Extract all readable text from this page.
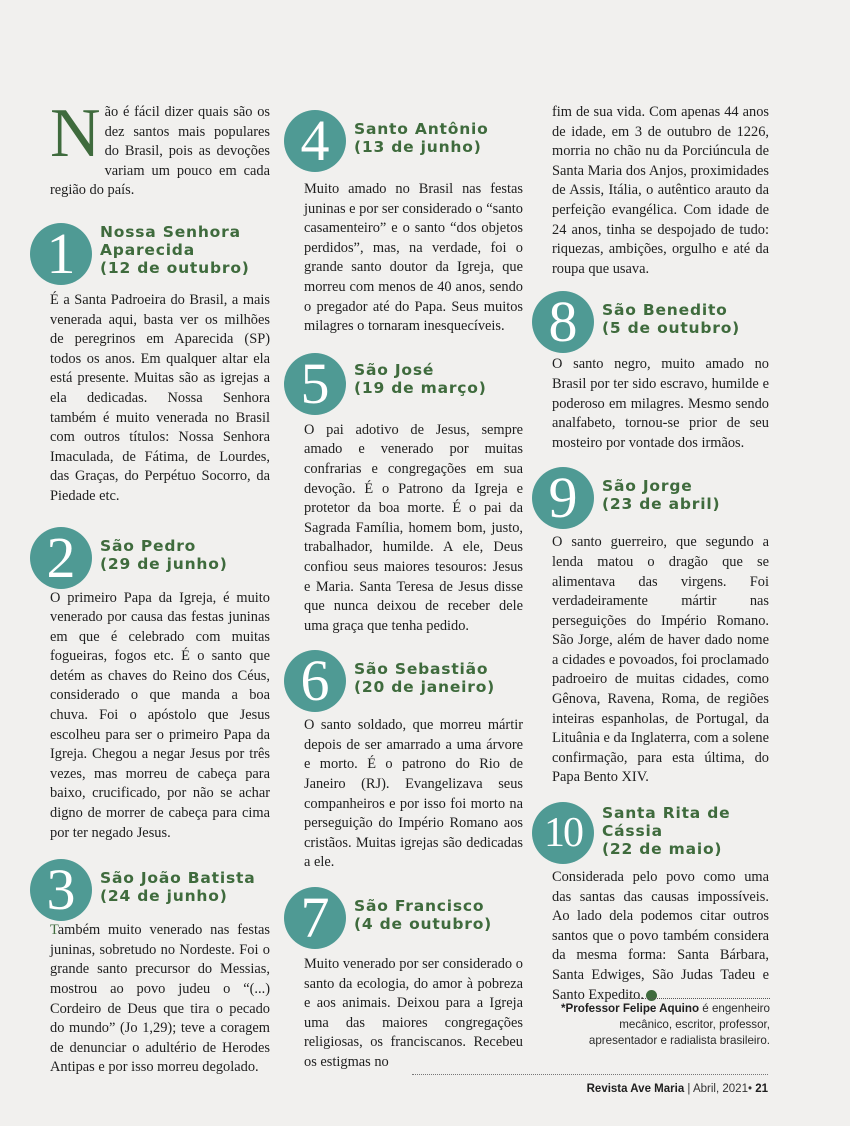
Não é fácil dizer quais são os dez santos mais populares do Brasil, pois as devoções variam um pouco em cada região do país.

1	Nossa Senhora Aparecida
(12 de outubro)

É a Santa Padroeira do Brasil, a mais venerada aqui, basta ver os milhões de peregrinos em Aparecida (SP) todos os anos. Em qualquer altar ela está presente. Muitas são as igrejas a ela dedicadas. Nossa Senhora também é muito venerada no Brasil com outros títulos: Nossa Senhora Imaculada, de Fátima, de Lourdes, das Graças, do Perpétuo Socorro, da Piedade etc.

2	São Pedro
(29 de junho)

O primeiro Papa da Igreja, é muito venerado por causa das festas juninas em que é celebrado com muitas fogueiras, fogos etc. É o santo que detém as chaves do Reino dos Céus, considerado o que manda a boa chuva. Foi o apóstolo que Jesus escolheu para ser o primeiro Papa da Igreja. Chegou a negar Jesus por três vezes, mas morreu de cabeça para baixo, crucificado, por não se achar digno de morrer de cabeça para cima por ter negado Jesus.

3	São João Batista
(24 de junho)

Também muito venerado nas festas juninas, sobretudo no Nordeste. Foi o grande santo precursor do Messias, mostrou ao povo judeu o “(...) Cordeiro de Deus que tira o pecado do mundo” (Jo 1,29); teve a coragem de denunciar o adultério de Herodes Antipas e por isso morreu degolado.

4	Santo Antônio
(13 de junho)

Muito amado no Brasil nas festas juninas e por ser considerado o “santo casamenteiro” e o santo “dos objetos perdidos”, mas, na verdade, foi o grande santo doutor da Igreja, que morreu com menos de 40 anos, sendo o pregador até do Papa. Seus muitos milagres o tornaram inesquecíveis.

5	São José
(19 de março)

O pai adotivo de Jesus, sempre amado e venerado por muitas confrarias e congregações em sua devoção. É o Patrono da Igreja e protetor da boa morte. É o pai da Sagrada Família, homem bom, justo, trabalhador, humilde. A ele, Deus confiou seus maiores tesouros: Jesus e Maria. Santa Teresa de Jesus disse que nunca deixou de receber dele uma graça que tenha pedido.

6	São Sebastião
(20 de janeiro)

O santo soldado, que morreu mártir depois de ser amarrado a uma árvore e morto. É o patrono do Rio de Janeiro (RJ). Evangelizava seus companheiros e por isso foi morto na perseguição do Império Romano aos cristãos. Muitas igrejas são dedicadas a ele.

7	São Francisco
(4 de outubro)

Muito venerado por ser considerado o santo da ecologia, do amor à pobreza e aos animais. Deixou para a Igreja uma das maiores congregações religiosas, os franciscanos. Recebeu os estigmas no

fim de sua vida. Com apenas 44 anos de idade, em 3 de outubro de 1226, morria no chão nu da Porciúncula de Santa Maria dos Anjos, proximidades de Assis, Itália, o autêntico arauto da perfeição evangélica. Com idade de 24 anos, tinha se despojado de tudo: riquezas, ambições, orgulho e até da roupa que usava.

8	São Benedito
(5 de outubro)

O santo negro, muito amado no Brasil por ter sido escravo, humilde e poderoso em milagres. Mesmo sendo analfabeto, tornou-se prior de seu mosteiro por vontade dos irmãos.

9	São Jorge
(23 de abril)

O santo guerreiro, que segundo a lenda matou o dragão que se alimentava das virgens. Foi verdadeiramente mártir nas perseguições do Império Romano. São Jorge, além de haver dado nome a cidades e povoados, foi proclamado padroeiro de muitas cidades, como Gênova, Ravena, Roma, de regiões inteiras espanholas, de Portugal, da Lituânia e da Inglaterra, com a solene confirmação, para esta última, do Papa Bento XIV.

10	Santa Rita de Cássia
(22 de maio)

Considerada pelo povo como uma das santas das causas impossíveis. Ao lado dela podemos citar outros santos que o povo também considera da mesma forma: Santa Bárbara, Santa Edwiges, São Judas Tadeu e Santo Expedito.

*Professor Felipe Aquino é engenheiro mecânico, escritor, professor, apresentador e radialista brasileiro.
Revista Ave Maria | Abril, 2021• 21
